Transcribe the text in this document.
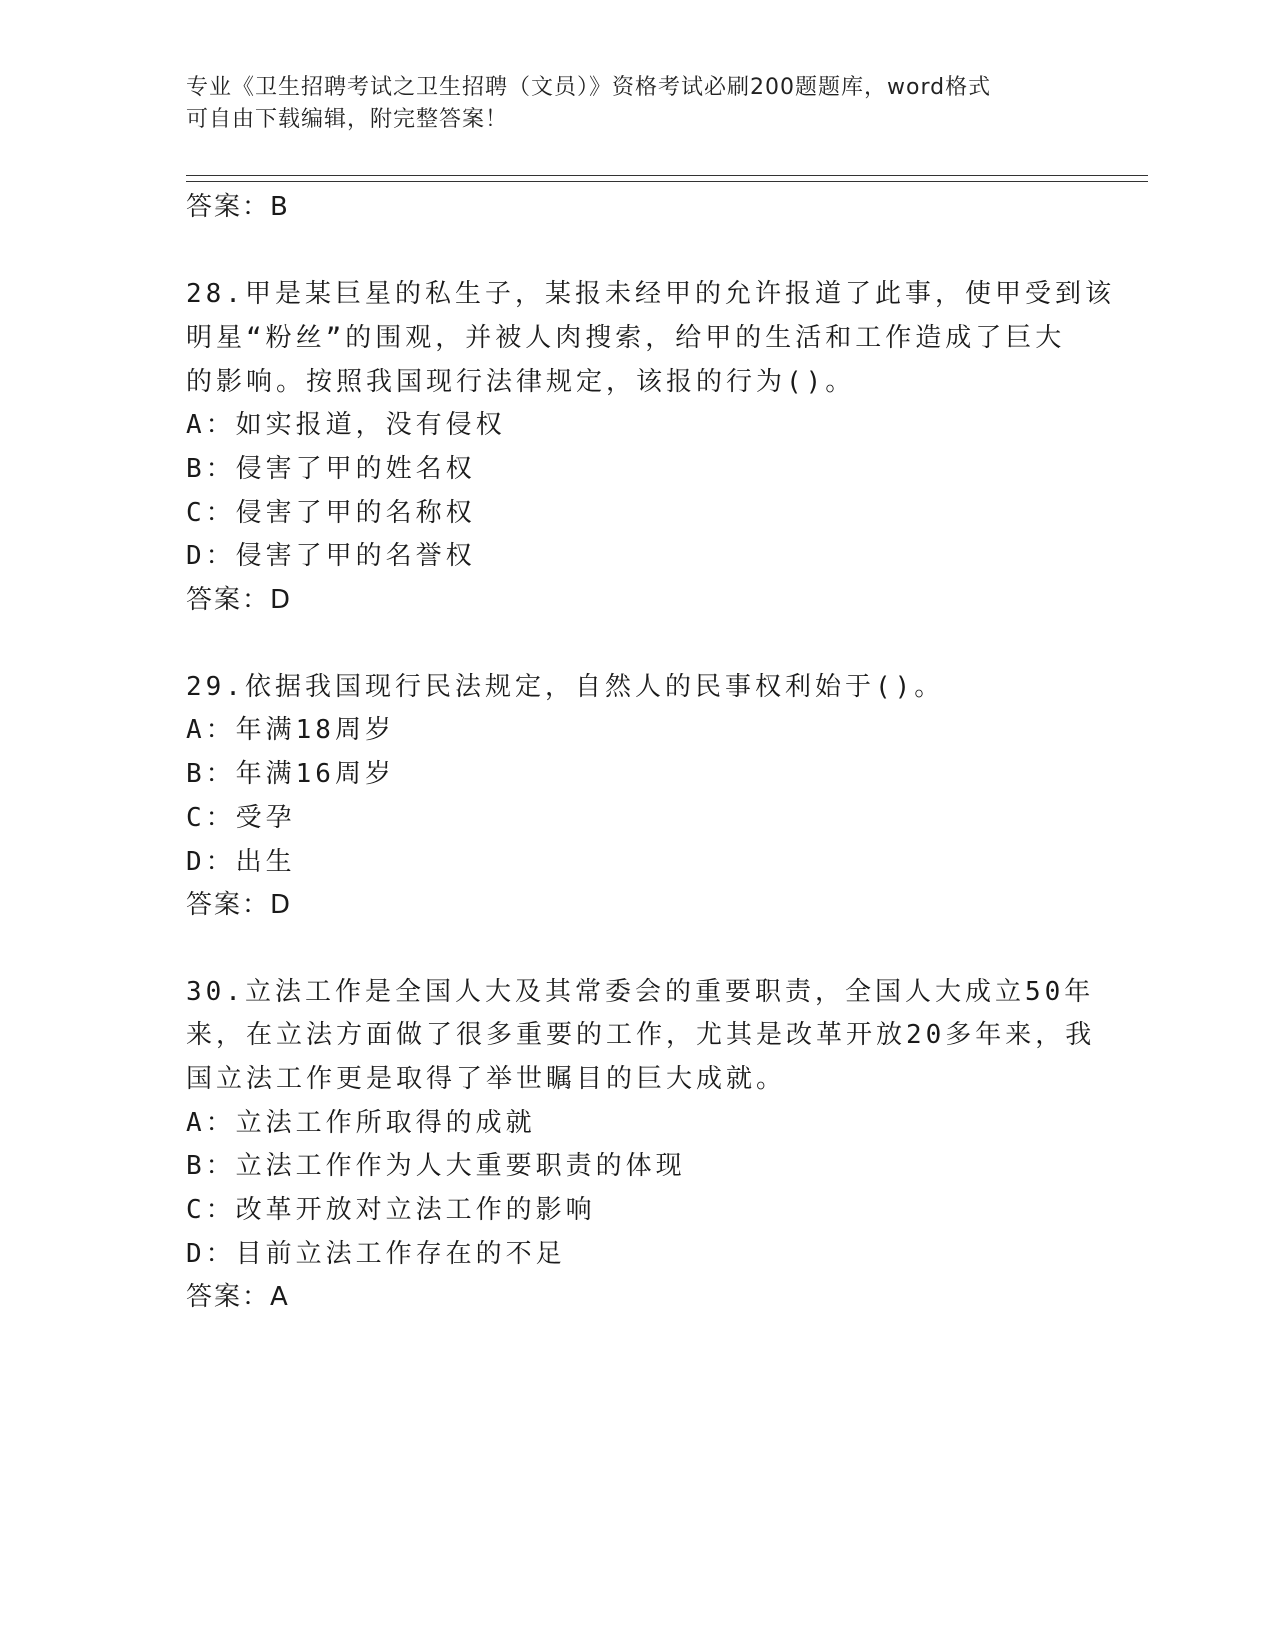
专业《卫生招聘考试之卫生招聘（文员）》资格考试必刷200题题库，word格式
可自由下载编辑，附完整答案！
答案：B
28.甲是某巨星的私生子，某报未经甲的允许报道了此事，使甲受到该
明星“粉丝”的围观，并被人肉搜索，给甲的生活和工作造成了巨大
的影响。按照我国现行法律规定，该报的行为()。
A：如实报道，没有侵权
B：侵害了甲的姓名权
C：侵害了甲的名称权
D：侵害了甲的名誉权
答案：D
29.依据我国现行民法规定，自然人的民事权利始于()。
A：年满18周岁
B：年满16周岁
C：受孕
D：出生
答案：D
30.立法工作是全国人大及其常委会的重要职责，全国人大成立50年
来，在立法方面做了很多重要的工作，尤其是改革开放20多年来，我
国立法工作更是取得了举世瞩目的巨大成就。
A：立法工作所取得的成就
B：立法工作作为人大重要职责的体现
C：改革开放对立法工作的影响
D：目前立法工作存在的不足
答案：A
